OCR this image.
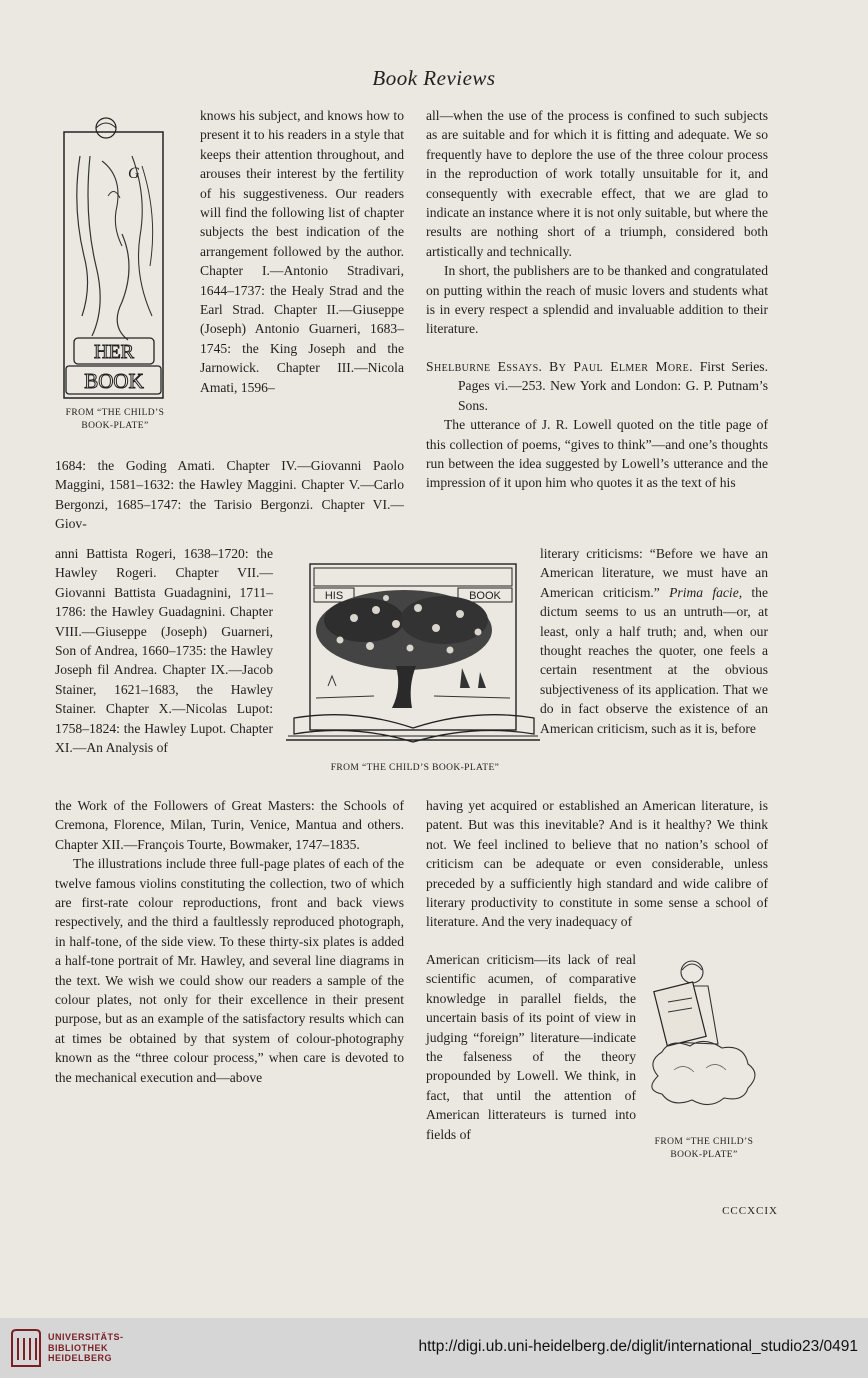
Book Reviews
G
HER
BOOK
FROM “THE CHILD’S
BOOK-PLATE”

knows his subject, and knows how to present it to his readers in a style that keeps their attention throughout, and arouses their interest by the fertility of his suggestiveness. Our readers will find the following list of chapter subjects the best indication of the arrangement followed by the author. Chapter I.—Antonio Stradivari, 1644–1737: the Healy Strad and the Earl Strad. Chapter II.—Giuseppe (Joseph) Antonio Guarneri, 1683–1745: the King Joseph and the Jarnowick. Chapter III.—Nicola Amati, 1596–

1684: the Goding Amati. Chapter IV.—Giovanni Paolo Maggini, 1581–1632: the Hawley Maggini. Chapter V.—Carlo Bergonzi, 1685–1747: the Tarisio Bergonzi. Chapter VI.—Giov-

anni Battista Rogeri, 1638–1720: the Hawley Rogeri. Chapter VII.—Giovanni Battista Guadagnini, 1711–1786: the Hawley Guadagnini. Chapter VIII.—Giuseppe (Joseph) Guarneri, Son of Andrea, 1660–1735: the Hawley Joseph fil Andrea. Chapter IX.—Jacob Stainer, 1621–1683, the Hawley Stainer. Chapter X.—Nicolas Lupot: 1758–1824: the Hawley Lupot. Chapter XI.—An Analysis of

the Work of the Followers of Great Masters: the Schools of Cremona, Florence, Milan, Turin, Venice, Mantua and others. Chapter XII.—François Tourte, Bowmaker, 1747–1835.

The illustrations include three full-page plates of each of the twelve famous violins constituting the collection, two of which are first-rate colour reproductions, front and back views respectively, and the third a faultlessly reproduced photograph, in half-tone, of the side view. To these thirty-six plates is added a half-tone portrait of Mr. Hawley, and several line diagrams in the text. We wish we could show our readers a sample of the colour plates, not only for their excellence in their present purpose, but as an example of the satisfactory results which can at times be obtained by that system of colour-photography known as the “three colour process,” when care is devoted to the mechanical execution and—above

HIS	BOOK
FROM “THE CHILD’S BOOK-PLATE”

all—when the use of the process is confined to such subjects as are suitable and for which it is fitting and adequate. We so frequently have to deplore the use of the three colour process in the reproduction of work totally unsuitable for it, and consequently with execrable effect, that we are glad to indicate an instance where it is not only suitable, but where the results are nothing short of a triumph, considered both artistically and technically.

In short, the publishers are to be thanked and congratulated on putting within the reach of music lovers and students what is in every respect a splendid and invaluable addition to their literature.

Shelburne Essays. By Paul Elmer More. First Series. Pages vi.—253. New York and London: G. P. Putnam’s Sons.

The utterance of J. R. Lowell quoted on the title page of this collection of poems, “gives to think”—and one’s thoughts run between the idea suggested by Lowell’s utterance and the impression of it upon him who quotes it as the text of his

literary criticisms: “Before we have an American literature, we must have an American criticism.” Prima facie, the dictum seems to us an untruth—or, at least, only a half truth; and, when our thought reaches the quoter, one feels a certain resentment at the obvious subjectiveness of its application. That we do in fact observe the existence of an American criticism, such as it is, before

having yet acquired or established an American literature, is patent. But was this inevitable? And is it healthy? We think not. We feel inclined to believe that no nation’s school of criticism can be adequate or even considerable, unless preceded by a sufficiently high standard and wide calibre of literary productivity to constitute in some sense a school of literature. And the very inadequacy of

American criticism—its lack of real scientific acumen, of comparative knowledge in parallel fields, the uncertain basis of its point of view in judging “foreign” literature—indicate the falseness of the theory propounded by Lowell. We think, in fact, that until the attention of American litterateurs is turned into fields of

FROM “THE CHILD’S
BOOK-PLATE”
CCCXCIX
UNIVERSITÄTS-
BIBLIOTHEK
HEIDELBERG
http://digi.ub.uni-heidelberg.de/diglit/international_studio23/0491
